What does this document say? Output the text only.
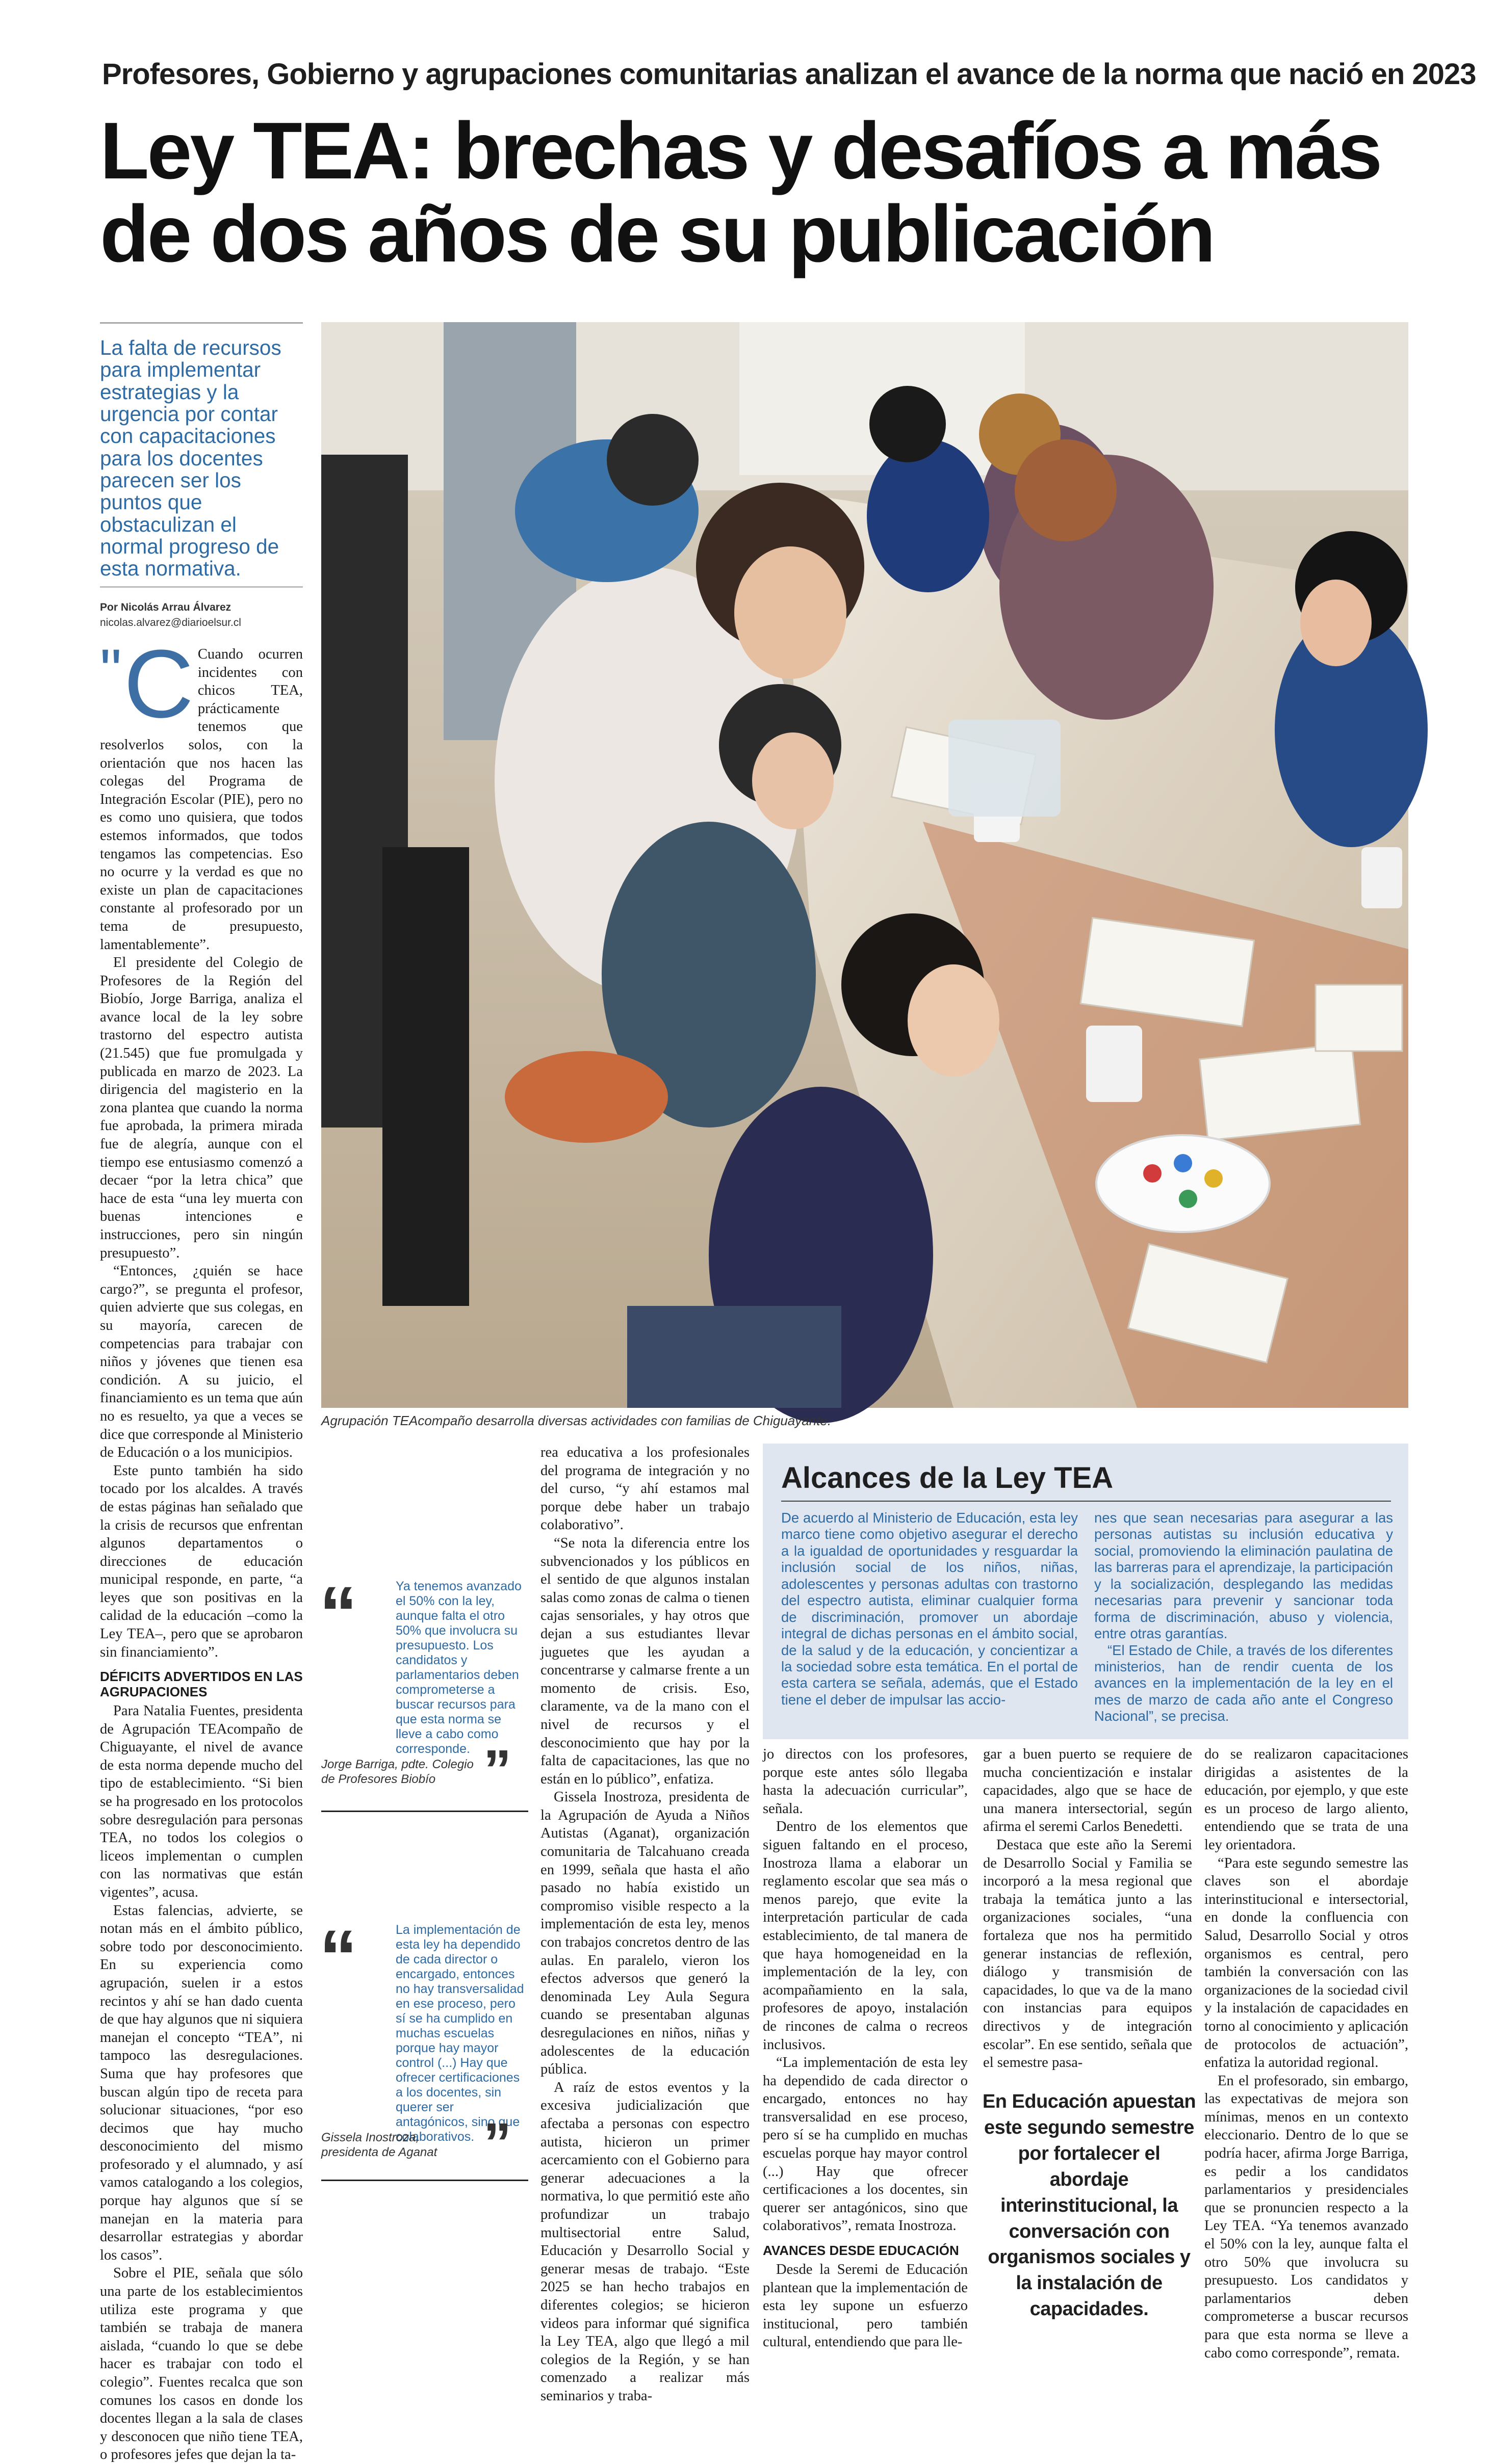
Profesores, Gobierno y agrupaciones comunitarias analizan el avance de la norma que nació en 2023
Ley TEA: brechas y desafíos a más
de dos años de su publicación
La falta de recursos para implementar estrategias y la urgencia por contar con capacitaciones para los docentes parecen ser los puntos que obstaculizan el normal progreso de esta normativa.
Por Nicolás Arrau Álvarez
nicolas.alvarez@diarioelsur.cl
Agrupación TEAcompaño desarrolla diversas actividades con familias de Chiguayante.
" C Cuando ocurren incidentes con chicos TEA, prácticamente tenemos que resolverlos solos, con la orientación que nos hacen las colegas del Programa de Integración Escolar (PIE), pero no es como uno quisiera, que todos estemos informados, que todos tengamos las competencias. Eso no ocurre y la verdad es que no existe un plan de capacitaciones constante al profesorado por un tema de presupuesto, lamentablemente”.

El presidente del Colegio de Profesores de la Región del Biobío, Jorge Barriga, analiza el avance local de la ley sobre trastorno del espectro autista (21.545) que fue promulgada y publicada en marzo de 2023. La dirigencia del magisterio en la zona plantea que cuando la norma fue aprobada, la primera mirada fue de alegría, aunque con el tiempo ese entusiasmo comenzó a decaer “por la letra chica” que hace de esta “una ley muerta con buenas intenciones e instrucciones, pero sin ningún presupuesto”.

“Entonces, ¿quién se hace cargo?”, se pregunta el profesor, quien advierte que sus colegas, en su mayoría, carecen de competencias para trabajar con niños y jóvenes que tienen esa condición. A su juicio, el financiamiento es un tema que aún no es resuelto, ya que a veces se dice que corresponde al Ministerio de Educación o a los municipios.

Este punto también ha sido tocado por los alcaldes. A través de estas páginas han señalado que la crisis de recursos que enfrentan algunos departamentos o direcciones de educación municipal responde, en parte, “a leyes que son positivas en la calidad de la educación –como la Ley TEA–, pero que se aprobaron sin financiamiento”.

DÉFICITS ADVERTIDOS EN LAS AGRUPACIONES

Para Natalia Fuentes, presidenta de Agrupación TEAcompaño de Chiguayante, el nivel de avance de esta norma depende mucho del tipo de establecimiento. “Si bien se ha progresado en los protocolos sobre desregulación para personas TEA, no todos los colegios o liceos implementan o cumplen con las normativas que están vigentes”, acusa.

Estas falencias, advierte, se notan más en el ámbito público, sobre todo por desconocimiento. En su experiencia como agrupación, suelen ir a estos recintos y ahí se han dado cuenta de que hay algunos que ni siquiera manejan el concepto “TEA”, ni tampoco las desregulaciones. Suma que hay profesores que buscan algún tipo de receta para solucionar situaciones, “por eso decimos que hay mucho desconocimiento del mismo profesorado y el alumnado, y así vamos catalogando a los colegios, porque hay algunos que sí se manejan en la materia para desarrollar estrategias y abordar los casos”.

Sobre el PIE, señala que sólo una parte de los establecimientos utiliza este programa y que también se trabaja de manera aislada, “cuando lo que se debe hacer es trabajar con todo el colegio”. Fuentes recalca que son comunes los casos en donde los docentes llegan a la sala de clases y desconocen que niño tiene TEA, o profesores jefes que dejan la ta-

“	Ya tenemos avanzado el 50% con la ley, aunque falta el otro 50% que involucra su presupuesto. Los candidatos y parlamentarios deben comprometerse a buscar recursos para que esta norma se lleve a cabo como corresponde.
Jorge Barriga, pdte. Colegio de Profesores Biobío ”
“	La implementación de esta ley ha dependido de cada director o encargado, entonces no hay transversalidad en ese proceso, pero sí se ha cumplido en muchas escuelas porque hay mayor control (...) Hay que ofrecer certificaciones a los docentes, sin querer ser antagónicos, sino que colaborativos.
Gissela Inostroza, presidenta de Aganat ”

rea educativa a los profesionales del programa de integración y no del curso, “y ahí estamos mal porque debe haber un trabajo colaborativo”.

“Se nota la diferencia entre los subvencionados y los públicos en el sentido de que algunos instalan salas como zonas de calma o tienen cajas sensoriales, y hay otros que dejan a sus estudiantes llevar juguetes que les ayudan a concentrarse y calmarse frente a un momento de crisis. Eso, claramente, va de la mano con el nivel de recursos y el desconocimiento que hay por la falta de capacitaciones, las que no están en lo público”, enfatiza.

Gissela Inostroza, presidenta de la Agrupación de Ayuda a Niños Autistas (Aganat), organización comunitaria de Talcahuano creada en 1999, señala que hasta el año pasado no había existido un compromiso visible respecto a la implementación de esta ley, menos con trabajos concretos dentro de las aulas. En paralelo, vieron los efectos adversos que generó la denominada Ley Aula Segura cuando se presentaban algunas desregulaciones en niños, niñas y adolescentes de la educación pública.

A raíz de estos eventos y la excesiva judicialización que afectaba a personas con espectro autista, hicieron un primer acercamiento con el Gobierno para generar adecuaciones a la normativa, lo que permitió este año profundizar un trabajo multisectorial entre Salud, Educación y Desarrollo Social y generar mesas de trabajo. “Este 2025 se han hecho trabajos en diferentes colegios; se hicieron videos para informar qué significa la Ley TEA, algo que llegó a mil colegios de la Región, y se han comenzado a realizar más seminarios y traba-

Alcances de la Ley TEA
De acuerdo al Ministerio de Educación, esta ley marco tiene como objetivo asegurar el derecho a la igualdad de oportunidades y resguardar la inclusión social de los niños, niñas, adolescentes y personas adultas con trastorno del espectro autista, eliminar cualquier forma de discriminación, promover un abordaje integral de dichas personas en el ámbito social, de la salud y de la educación, y concientizar a la sociedad sobre esta temática. En el portal de esta cartera se señala, además, que el Estado tiene el deber de impulsar las accio-
nes que sean necesarias para asegurar a las personas autistas su inclusión educativa y social, promoviendo la eliminación paulatina de las barreras para el aprendizaje, la participación y la socialización, desplegando las medidas necesarias para prevenir y sancionar toda forma de discriminación, abuso y violencia, entre otras garantías.
“El Estado de Chile, a través de los diferentes ministerios, han de rendir cuenta de los avances en la implementación de la ley en el mes de marzo de cada año ante el Congreso Nacional”, se precisa.

jo directos con los profesores, porque este antes sólo llegaba hasta la adecuación curricular”, señala.

Dentro de los elementos que siguen faltando en el proceso, Inostroza llama a elaborar un reglamento escolar que sea más o menos parejo, que evite la interpretación particular de cada establecimiento, de tal manera de que haya homogeneidad en la implementación de la ley, con acompañamiento en la sala, profesores de apoyo, instalación de rincones de calma o recreos inclusivos.

“La implementación de esta ley ha dependido de cada director o encargado, entonces no hay transversalidad en ese proceso, pero sí se ha cumplido en muchas escuelas porque hay mayor control (...) Hay que ofrecer certificaciones a los docentes, sin querer ser antagónicos, sino que colaborativos”, remata Inostroza.

AVANCES DESDE EDUCACIÓN

Desde la Seremi de Educación plantean que la implementación de esta ley supone un esfuerzo institucional, pero también cultural, entendiendo que para lle-

gar a buen puerto se requiere de mucha concientización e instalar capacidades, algo que se hace de una manera intersectorial, según afirma el seremi Carlos Benedetti.

Destaca que este año la Seremi de Desarrollo Social y Familia se incorporó a la mesa regional que trabaja la temática junto a las organizaciones sociales, “una fortaleza que nos ha permitido generar instancias de reflexión, diálogo y transmisión de capacidades, lo que va de la mano con instancias para equipos directivos y de integración escolar”. En ese sentido, señala que el semestre pasa-

En Educación apuestan este segundo semestre por fortalecer el abordaje interinstitucional, la conversación con organismos sociales y la instalación de capacidades.

do se realizaron capacitaciones dirigidas a asistentes de la educación, por ejemplo, y que este es un proceso de largo aliento, entendiendo que se trata de una ley orientadora.

“Para este segundo semestre las claves son el abordaje interinstitucional e intersectorial, en donde la confluencia con Salud, Desarrollo Social y otros organismos es central, pero también la conversación con las organizaciones de la sociedad civil y la instalación de capacidades en torno al conocimiento y aplicación de protocolos de actuación”, enfatiza la autoridad regional.

En el profesorado, sin embargo, las expectativas de mejora son mínimas, menos en un contexto eleccionario. Dentro de lo que se podría hacer, afirma Jorge Barriga, es pedir a los candidatos parlamentarios y presidenciales que se pronuncien respecto a la Ley TEA. “Ya tenemos avanzado el 50% con la ley, aunque falta el otro 50% que involucra su presupuesto. Los candidatos y parlamentarios deben comprometerse a buscar recursos para que esta norma se lleve a cabo como corresponde”, remata.
